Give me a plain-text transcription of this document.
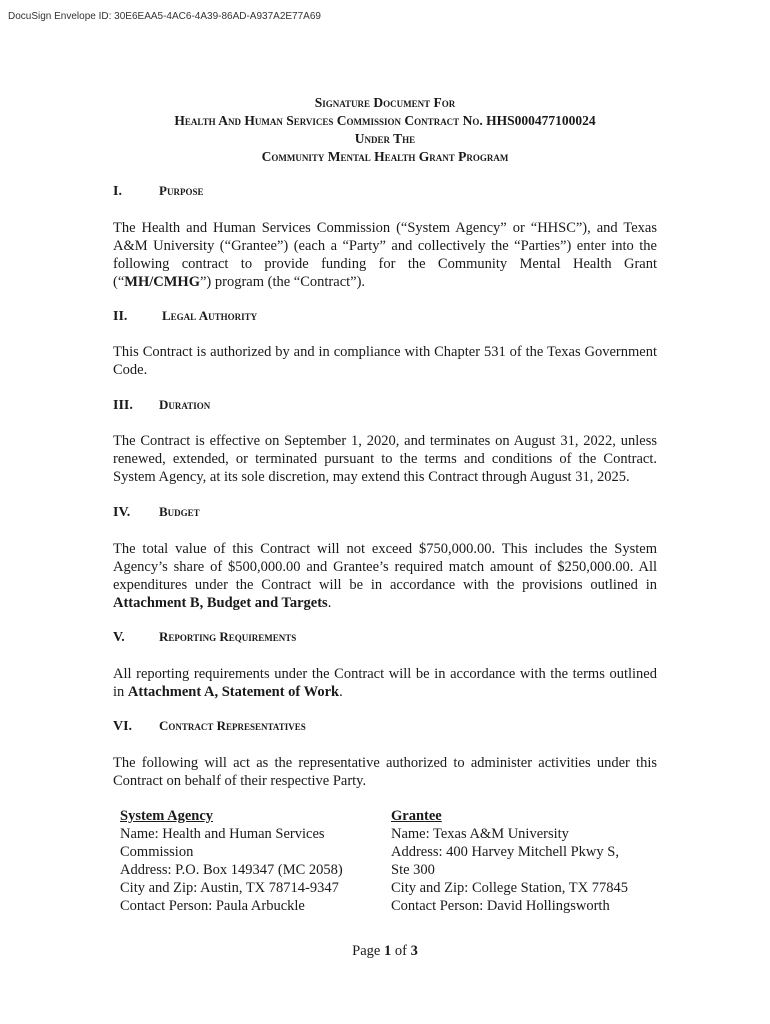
DocuSign Envelope ID: 30E6EAA5-4AC6-4A39-86AD-A937A2E77A69
Signature Document For
Health And Human Services Commission Contract No. HHS000477100024
Under The
Community Mental Health Grant Program
I.	Purpose
The Health and Human Services Commission (“System Agency” or “HHSC”), and Texas A&M University (“Grantee”) (each a “Party” and collectively the “Parties”) enter into the following contract to provide funding for the Community Mental Health Grant (“MH/CMHG”) program (the “Contract”).
II.	Legal Authority
This Contract is authorized by and in compliance with Chapter 531 of the Texas Government Code.
III. Duration
The Contract is effective on September 1, 2020, and terminates on August 31, 2022, unless renewed, extended, or terminated pursuant to the terms and conditions of the Contract. System Agency, at its sole discretion, may extend this Contract through August 31, 2025.
IV. Budget
The total value of this Contract will not exceed $750,000.00. This includes the System Agency’s share of $500,000.00 and Grantee’s required match amount of $250,000.00. All expenditures under the Contract will be in accordance with the provisions outlined in Attachment B, Budget and Targets.
V.	Reporting Requirements
All reporting requirements under the Contract will be in accordance with the terms outlined in Attachment A, Statement of Work.
VI. Contract Representatives
The following will act as the representative authorized to administer activities under this Contract on behalf of their respective Party.
System Agency
Name: Health and Human Services
Commission
Address: P.O. Box 149347 (MC 2058)
City and Zip: Austin, TX 78714-9347
Contact Person: Paula Arbuckle
Grantee
Name: Texas A&M University
Address: 400 Harvey Mitchell Pkwy S,
Ste 300
City and Zip: College Station, TX 77845
Contact Person: David Hollingsworth
Page 1 of 3
